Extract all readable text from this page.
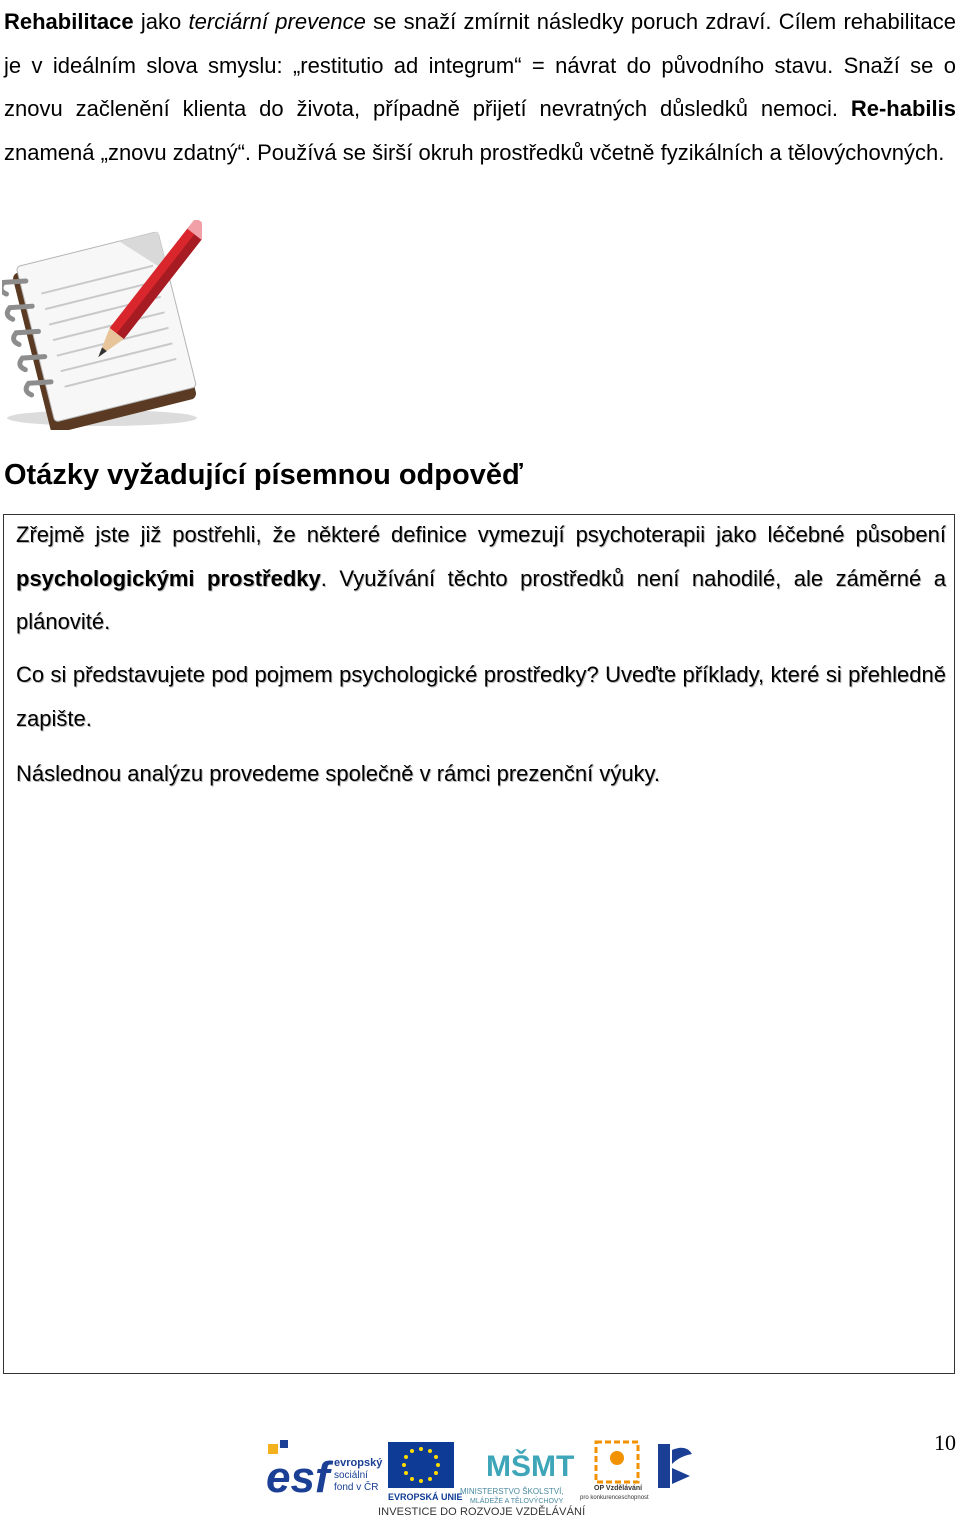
Rehabilitace jako terciární prevence se snaží zmírnit následky poruch zdraví. Cílem rehabilitace je v ideálním slova smyslu: „restitutio ad integrum“ = návrat do původního stavu. Snaží se o znovu začlenění klienta do života, případně přijetí nevratných důsledků nemoci. Re-habilis znamená „znovu zdatný“. Používá se širší okruh prostředků včetně fyzikálních a tělovýchovných.

Otázky vyžadující písemnou odpověď

Zřejmě jste již postřehli, že některé definice vymezují psychoterapii jako léčebné působení psychologickými prostředky. Využívání těchto prostředků není nahodilé, ale záměrné a plánovité.

Co si představujete pod pojmem psychologické prostředky? Uveďte příklady, které si přehledně zapište.

Následnou analýzu provedeme společně v rámci prezenční výuky.

10
esf evropský
sociální
fond v ČR
EVROPSKÁ UNIE
MŠMT
MINISTERSTVO ŠKOLSTVÍ,
MLÁDEŽE A TĚLOVÝCHOVY
OP Vzdělávání
pro konkurenceschopnost
INVESTICE DO ROZVOJE VZDĚLÁVÁNÍ
